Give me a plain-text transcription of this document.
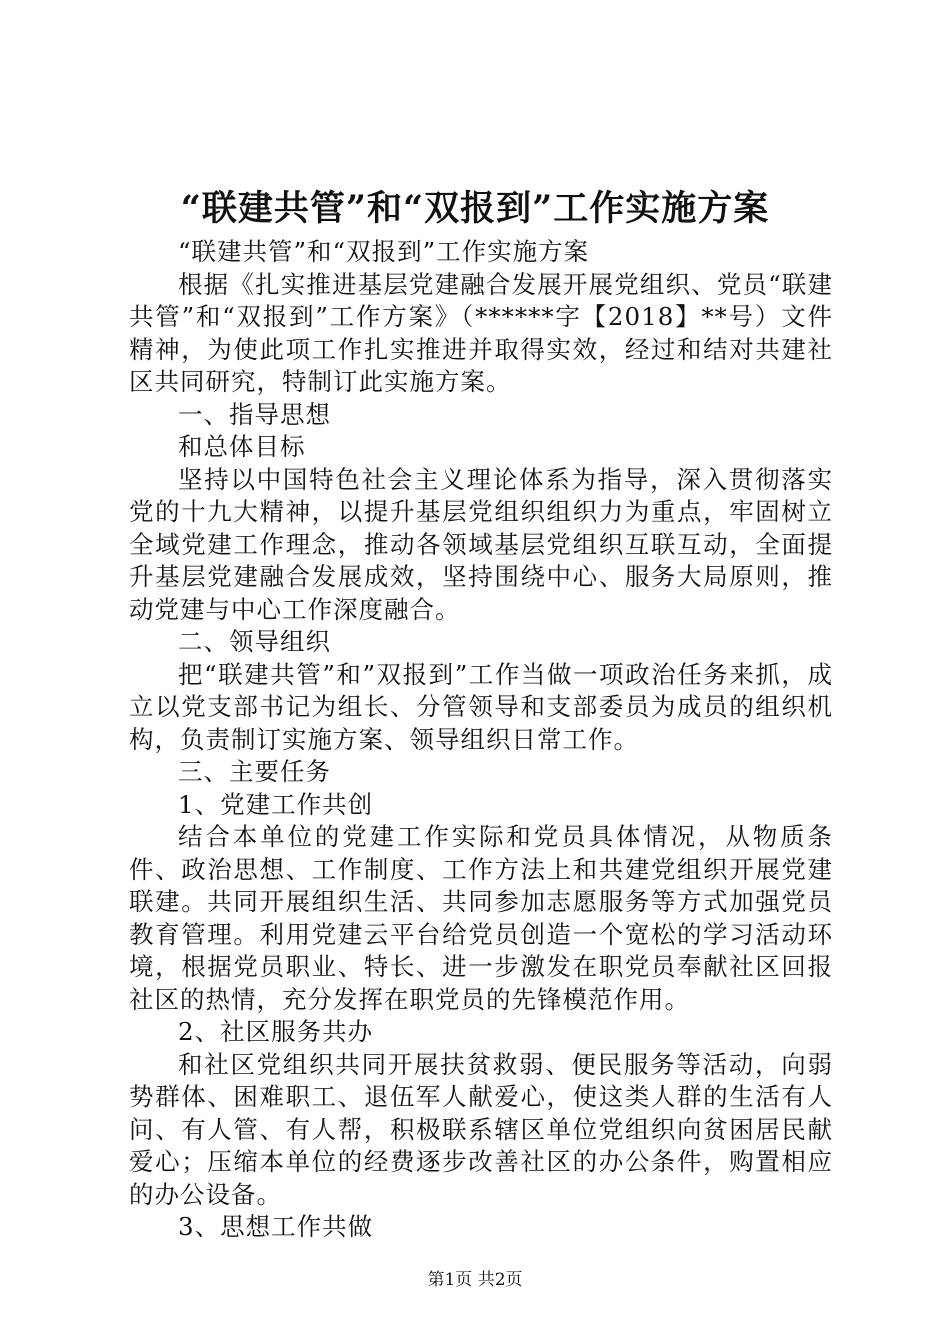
“联建共管”和“双报到”工作实施方案

“联建共管”和“双报到”工作实施方案

根据《扎实推进基层党建融合发展开展党组织、党员“联建共管”和“双报到”工作方案》（******字【2018】**号）文件精神，为使此项工作扎实推进并取得实效，经过和结对共建社区共同研究，特制订此实施方案。

一、指导思想

和总体目标

坚持以中国特色社会主义理论体系为指导，深入贯彻落实党的十九大精神，以提升基层党组织组织力为重点，牢固树立全域党建工作理念，推动各领域基层党组织互联互动，全面提升基层党建融合发展成效，坚持围绕中心、服务大局原则，推动党建与中心工作深度融合。

二、领导组织

把“联建共管”和”双报到”工作当做一项政治任务来抓，成立以党支部书记为组长、分管领导和支部委员为成员的组织机构，负责制订实施方案、领导组织日常工作。

三、主要任务

1、党建工作共创

结合本单位的党建工作实际和党员具体情况，从物质条件、政治思想、工作制度、工作方法上和共建党组织开展党建联建。共同开展组织生活、共同参加志愿服务等方式加强党员教育管理。利用党建云平台给党员创造一个宽松的学习活动环境，根据党员职业、特长、进一步激发在职党员奉献社区回报社区的热情，充分发挥在职党员的先锋模范作用。

2、社区服务共办

和社区党组织共同开展扶贫救弱、便民服务等活动，向弱势群体、困难职工、退伍军人献爱心，使这类人群的生活有人问、有人管、有人帮，积极联系辖区单位党组织向贫困居民献爱心；压缩本单位的经费逐步改善社区的办公条件，购置相应的办公设备。

3、思想工作共做

第1页 共2页
